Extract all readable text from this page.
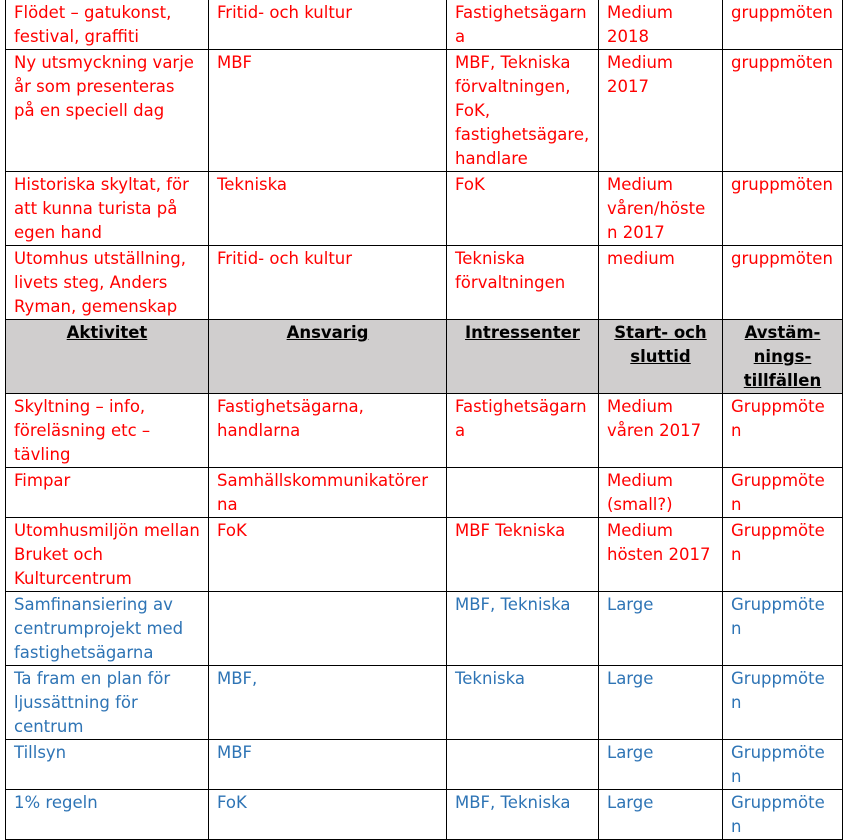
Flödet – gatukonst, festival, graffiti	Fritid- och kultur	Fastighetsägarna	Medium 2018	gruppmöten
Ny utsmyckning varje år som presenteras på en speciell dag	MBF	MBF, Tekniska förvaltningen, FoK, fastighetsägare, handlare	Medium 2017	gruppmöten
Historiska skyltat, för att kunna turista på egen hand	Tekniska	FoK	Medium våren/hösten 2017	gruppmöten
Utomhus utställning, livets steg, Anders Ryman, gemenskap	Fritid- och kultur	Tekniska förvaltningen	medium	gruppmöten
Aktivitet	Ansvarig	Intressenter	Start- och sluttid	Avstäm-nings-tillfällen
Skyltning – info, föreläsning etc – tävling	Fastighetsägarna, handlarna	Fastighetsägarna	Medium våren 2017	Gruppmöten
Fimpar	Samhällskommunikatörerna		Medium (small?)	Gruppmöten
Utomhusmiljön mellan Bruket och Kulturcentrum	FoK	MBF Tekniska	Medium hösten 2017	Gruppmöten
Samfinansiering av centrumprojekt med fastighetsägarna		MBF, Tekniska	Large	Gruppmöten
Ta fram en plan för ljussättning för centrum	MBF,	Tekniska	Large	Gruppmöten
Tillsyn	MBF		Large	Gruppmöten
1% regeln	FoK	MBF, Tekniska	Large	Gruppmöten
